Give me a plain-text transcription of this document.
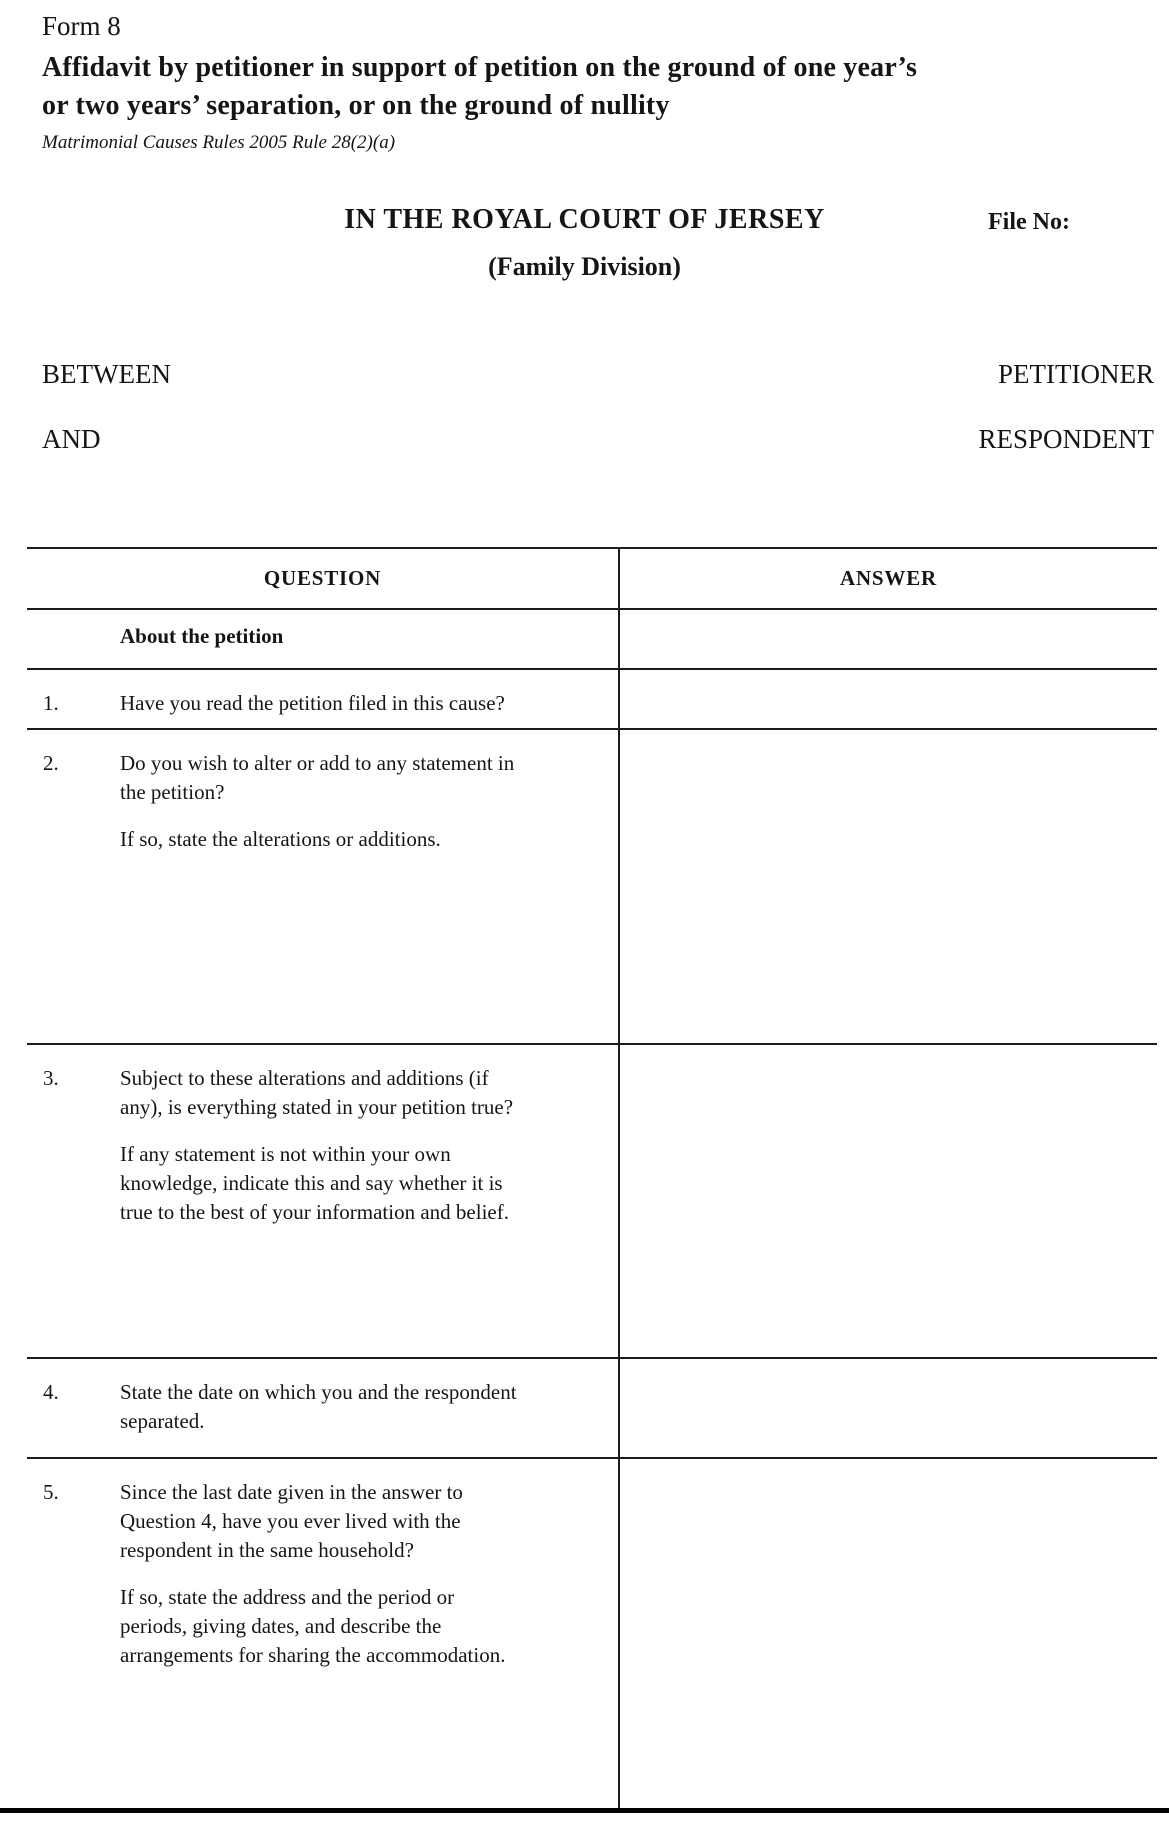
Form 8
Affidavit by petitioner in support of petition on the ground of one year’s
or two years’ separation, or on the ground of nullity
Matrimonial Causes Rules 2005 Rule 28(2)(a)
IN THE ROYAL COURT OF JERSEY	File No:
(Family Division)
BETWEEN	PETITIONER
AND	RESPONDENT
QUESTION	ANSWER
About the petition
1.	Have you read the petition filed in this cause?

2.	Do you wish to alter or add to any statement in
the petition?

If so, state the alterations or additions.

3.	Subject to these alterations and additions (if
any), is everything stated in your petition true?

If any statement is not within your own
knowledge, indicate this and say whether it is
true to the best of your information and belief.

4.	State the date on which you and the respondent
separated.

5.	Since the last date given in the answer to
Question 4, have you ever lived with the
respondent in the same household?

If so, state the address and the period or
periods, giving dates, and describe the
arrangements for sharing the accommodation.
